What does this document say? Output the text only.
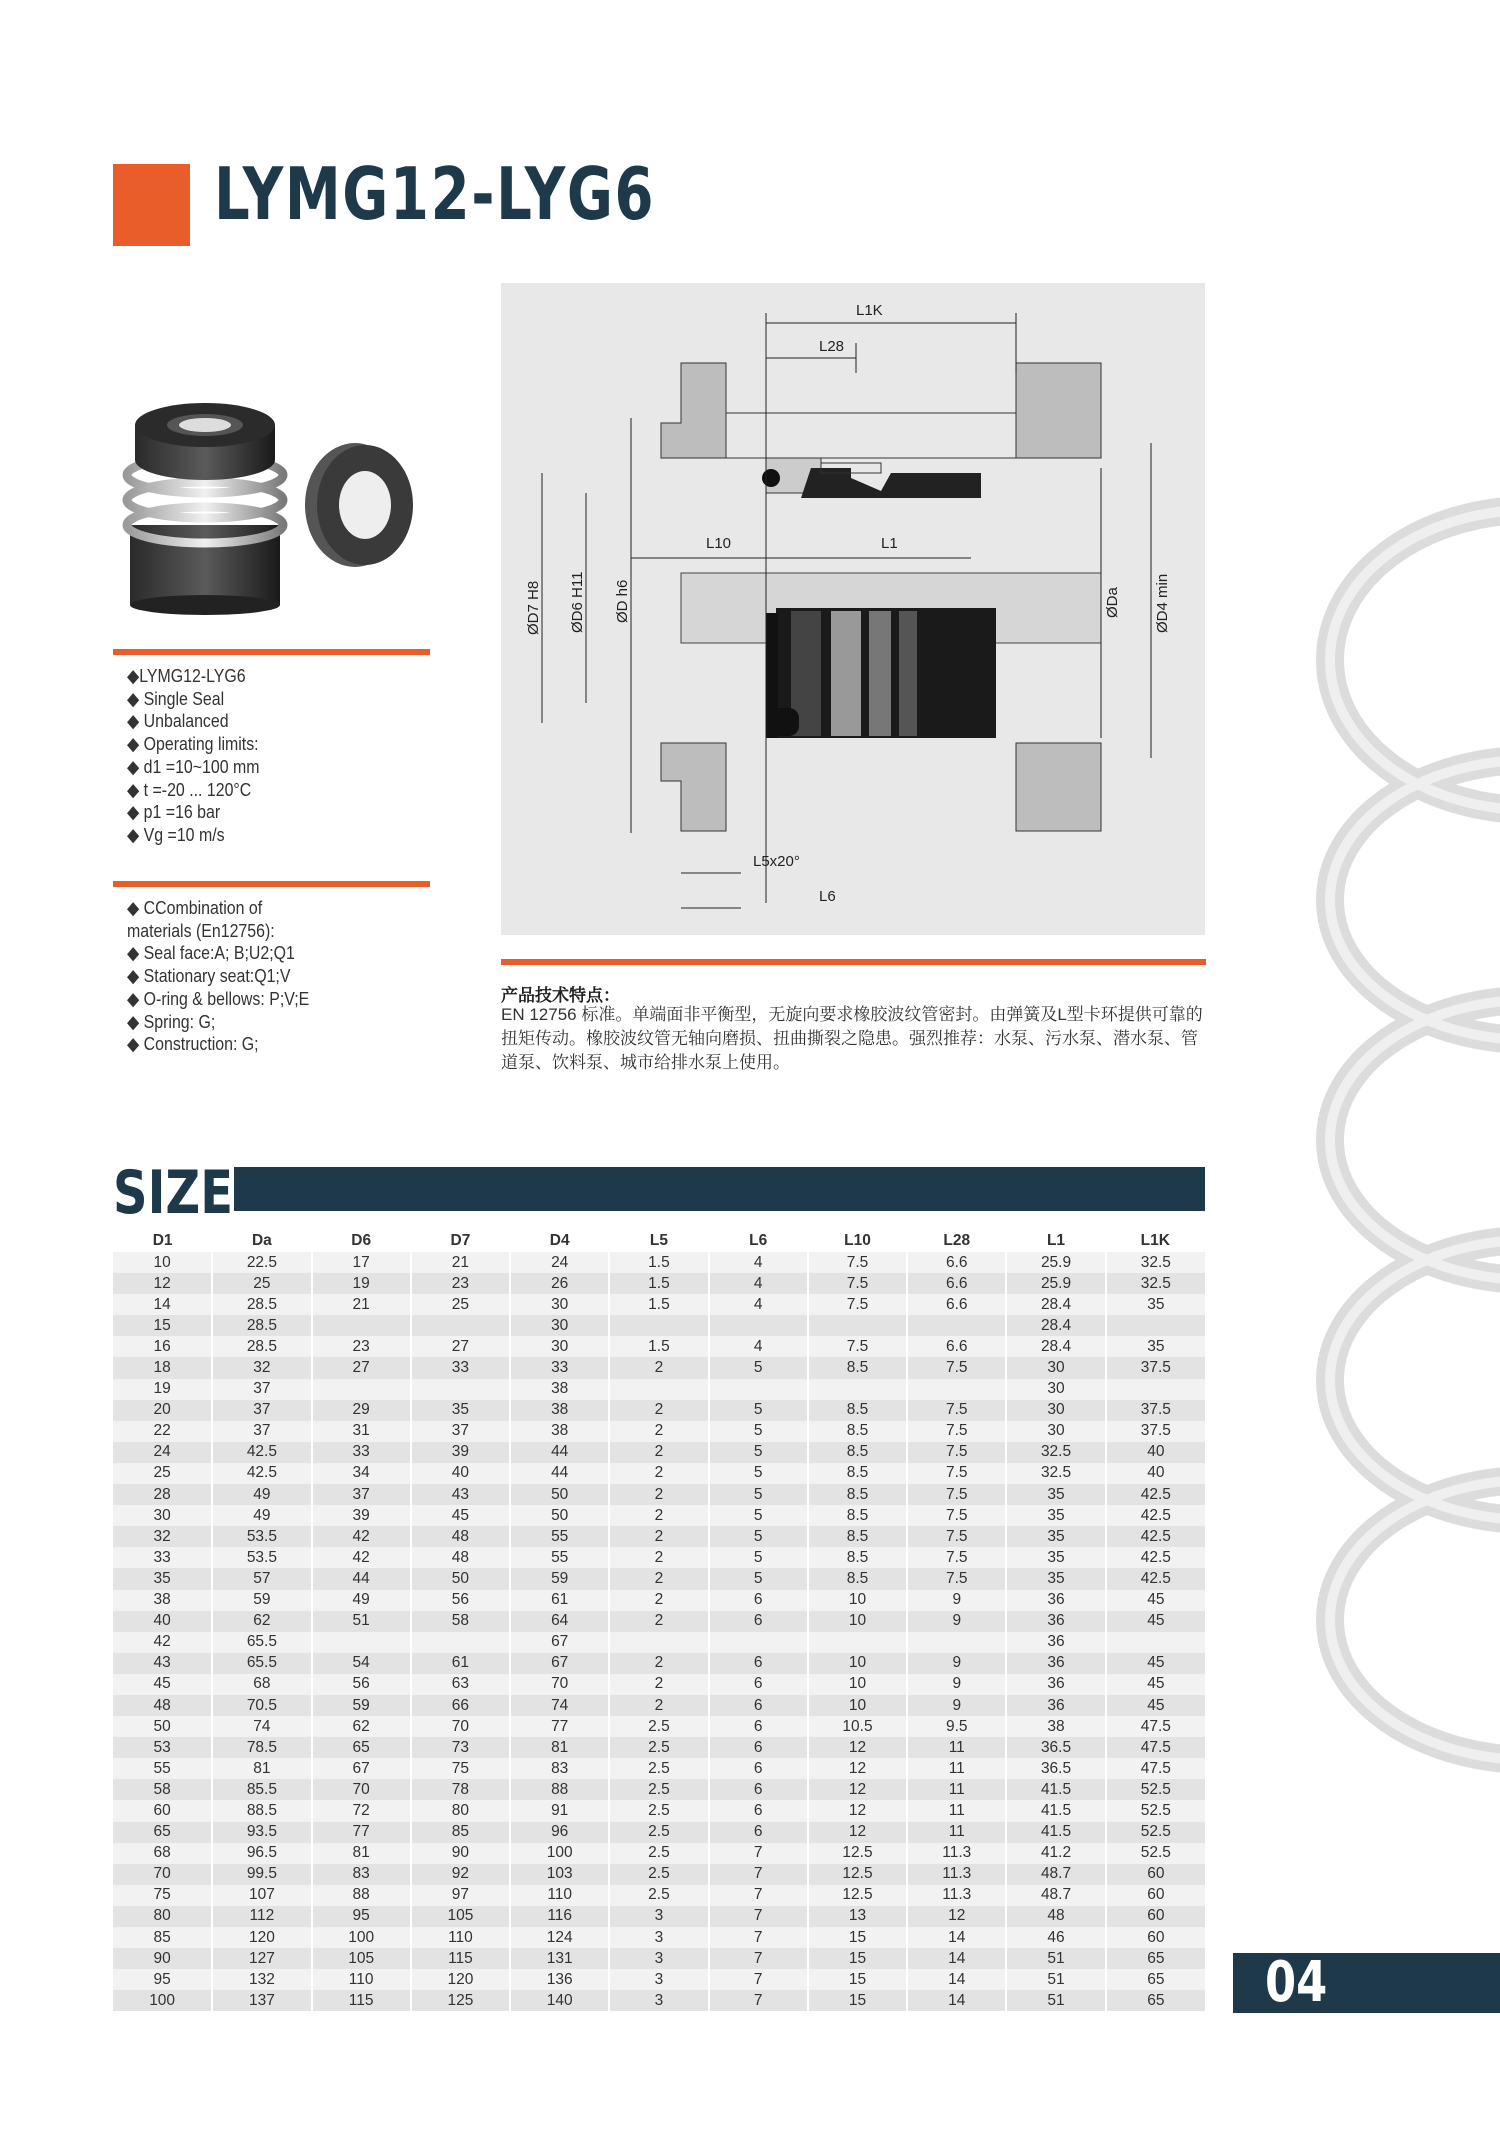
LYMG12-LYG6
◆LYMG12-LYG6
◆ Single Seal
◆ Unbalanced
◆ Operating limits:
◆ d1 =10~100 mm
◆ t =-20 ... 120°C
◆ p1 =16 bar
◆ Vg =10 m/s
◆ CCombination of
materials (En12756):
◆ Seal face:A; B;U2;Q1
◆ Stationary seat:Q1;V
◆ O-ring & bellows: P;V;E
◆ Spring: G;
◆ Construction: G;
L1K
L28
L10	L1
L5x20°
L6
ØD7 H8 ØD6 H11 ØD h6	ØDa ØD4 min
产品技术特点：
EN 12756 标准。单端面非平衡型，无旋向要求橡胶波纹管密封。由弹簧及L型卡环提供可靠的扭矩传动。橡胶波纹管无轴向磨损、扭曲撕裂之隐患。强烈推荐：水泵、污水泵、潜水泵、管道泵、饮料泵、城市给排水泵上使用。
SIZE
D1	Da	D6	D7	D4	L5	L6	L10	L28	L1	L1K
10	22.5	17	21	24	1.5	4	7.5	6.6	25.9	32.5
12	25	19	23	26	1.5	4	7.5	6.6	25.9	32.5
14	28.5	21	25	30	1.5	4	7.5	6.6	28.4	35
15	28.5			30					28.4	
16	28.5	23	27	30	1.5	4	7.5	6.6	28.4	35
18	32	27	33	33	2	5	8.5	7.5	30	37.5
19	37			38					30	
20	37	29	35	38	2	5	8.5	7.5	30	37.5
22	37	31	37	38	2	5	8.5	7.5	30	37.5
24	42.5	33	39	44	2	5	8.5	7.5	32.5	40
25	42.5	34	40	44	2	5	8.5	7.5	32.5	40
28	49	37	43	50	2	5	8.5	7.5	35	42.5
30	49	39	45	50	2	5	8.5	7.5	35	42.5
32	53.5	42	48	55	2	5	8.5	7.5	35	42.5
33	53.5	42	48	55	2	5	8.5	7.5	35	42.5
35	57	44	50	59	2	5	8.5	7.5	35	42.5
38	59	49	56	61	2	6	10	9	36	45
40	62	51	58	64	2	6	10	9	36	45
42	65.5			67					36	
43	65.5	54	61	67	2	6	10	9	36	45
45	68	56	63	70	2	6	10	9	36	45
48	70.5	59	66	74	2	6	10	9	36	45
50	74	62	70	77	2.5	6	10.5	9.5	38	47.5
53	78.5	65	73	81	2.5	6	12	11	36.5	47.5
55	81	67	75	83	2.5	6	12	11	36.5	47.5
58	85.5	70	78	88	2.5	6	12	11	41.5	52.5
60	88.5	72	80	91	2.5	6	12	11	41.5	52.5
65	93.5	77	85	96	2.5	6	12	11	41.5	52.5
68	96.5	81	90	100	2.5	7	12.5	11.3	41.2	52.5
70	99.5	83	92	103	2.5	7	12.5	11.3	48.7	60
75	107	88	97	110	2.5	7	12.5	11.3	48.7	60
80	112	95	105	116	3	7	13	12	48	60
85	120	100	110	124	3	7	15	14	46	60
90	127	105	115	131	3	7	15	14	51	65
95	132	110	120	136	3	7	15	14	51	65
100	137	115	125	140	3	7	15	14	51	65 04
